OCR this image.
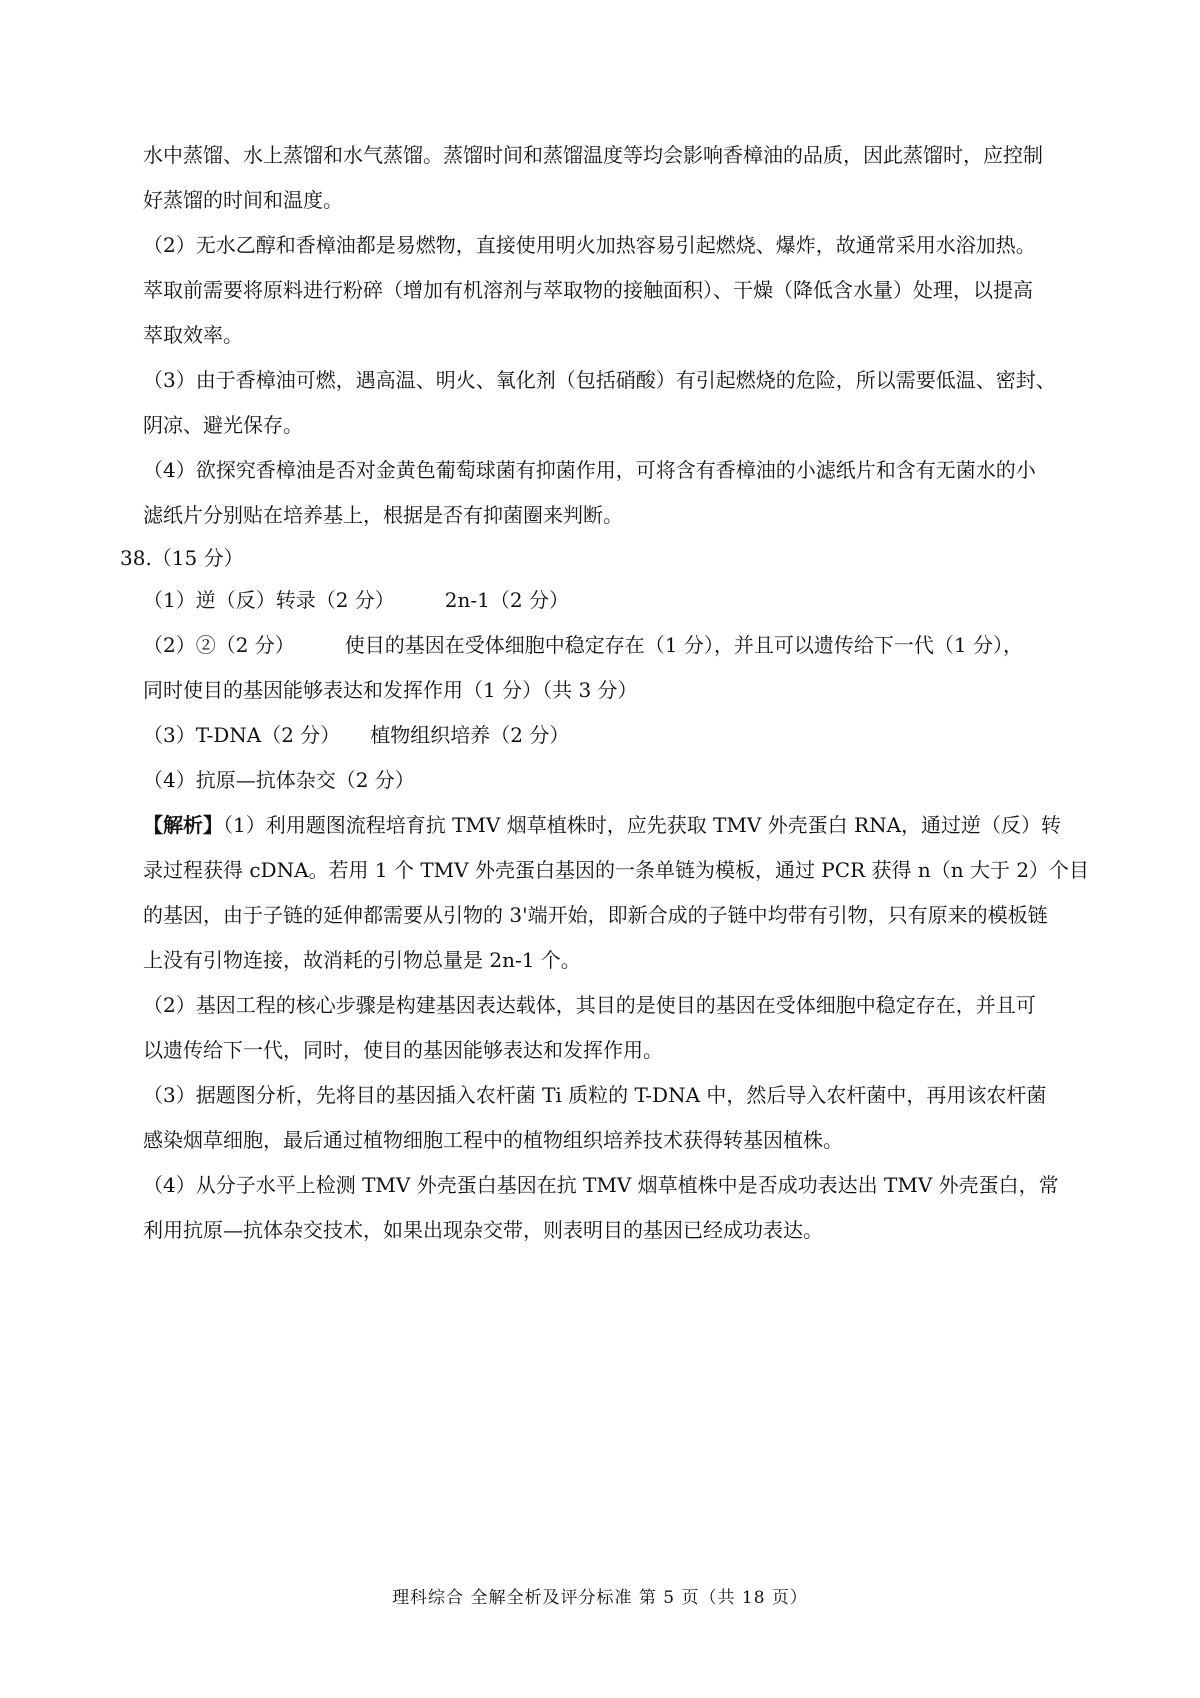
水中蒸馏、水上蒸馏和水气蒸馏。蒸馏时间和蒸馏温度等均会影响香樟油的品质，因此蒸馏时，应控制
好蒸馏的时间和温度。
（2）无水乙醇和香樟油都是易燃物，直接使用明火加热容易引起燃烧、爆炸，故通常采用水浴加热。
萃取前需要将原料进行粉碎（增加有机溶剂与萃取物的接触面积）、干燥（降低含水量）处理，以提高
萃取效率。
（3）由于香樟油可燃，遇高温、明火、氧化剂（包括硝酸）有引起燃烧的危险，所以需要低温、密封、
阴凉、避光保存。
（4）欲探究香樟油是否对金黄色葡萄球菌有抑菌作用，可将含有香樟油的小滤纸片和含有无菌水的小
滤纸片分别贴在培养基上，根据是否有抑菌圈来判断。
38.（15 分）
（1）逆（反）转录（2 分）　　　2n-1（2 分）
（2）②（2 分）　　　使目的基因在受体细胞中稳定存在（1 分），并且可以遗传给下一代（1 分），
同时使目的基因能够表达和发挥作用（1 分）（共 3 分）
（3）T-DNA（2 分）　　植物组织培养（2 分）
（4）抗原—抗体杂交（2 分）
【解析】（1）利用题图流程培育抗 TMV 烟草植株时，应先获取 TMV 外壳蛋白 RNA，通过逆（反）转
录过程获得 cDNA。若用 1 个 TMV 外壳蛋白基因的一条单链为模板，通过 PCR 获得 n（n 大于 2）个目
的基因，由于子链的延伸都需要从引物的 3'端开始，即新合成的子链中均带有引物，只有原来的模板链
上没有引物连接，故消耗的引物总量是 2n-1 个。
（2）基因工程的核心步骤是构建基因表达载体，其目的是使目的基因在受体细胞中稳定存在，并且可
以遗传给下一代，同时，使目的基因能够表达和发挥作用。
（3）据题图分析，先将目的基因插入农杆菌 Ti 质粒的 T-DNA 中，然后导入农杆菌中，再用该农杆菌
感染烟草细胞，最后通过植物细胞工程中的植物组织培养技术获得转基因植株。
（4）从分子水平上检测 TMV 外壳蛋白基因在抗 TMV 烟草植株中是否成功表达出 TMV 外壳蛋白，常
利用抗原—抗体杂交技术，如果出现杂交带，则表明目的基因已经成功表达。
理科综合 全解全析及评分标准 第 5 页（共 18 页）
